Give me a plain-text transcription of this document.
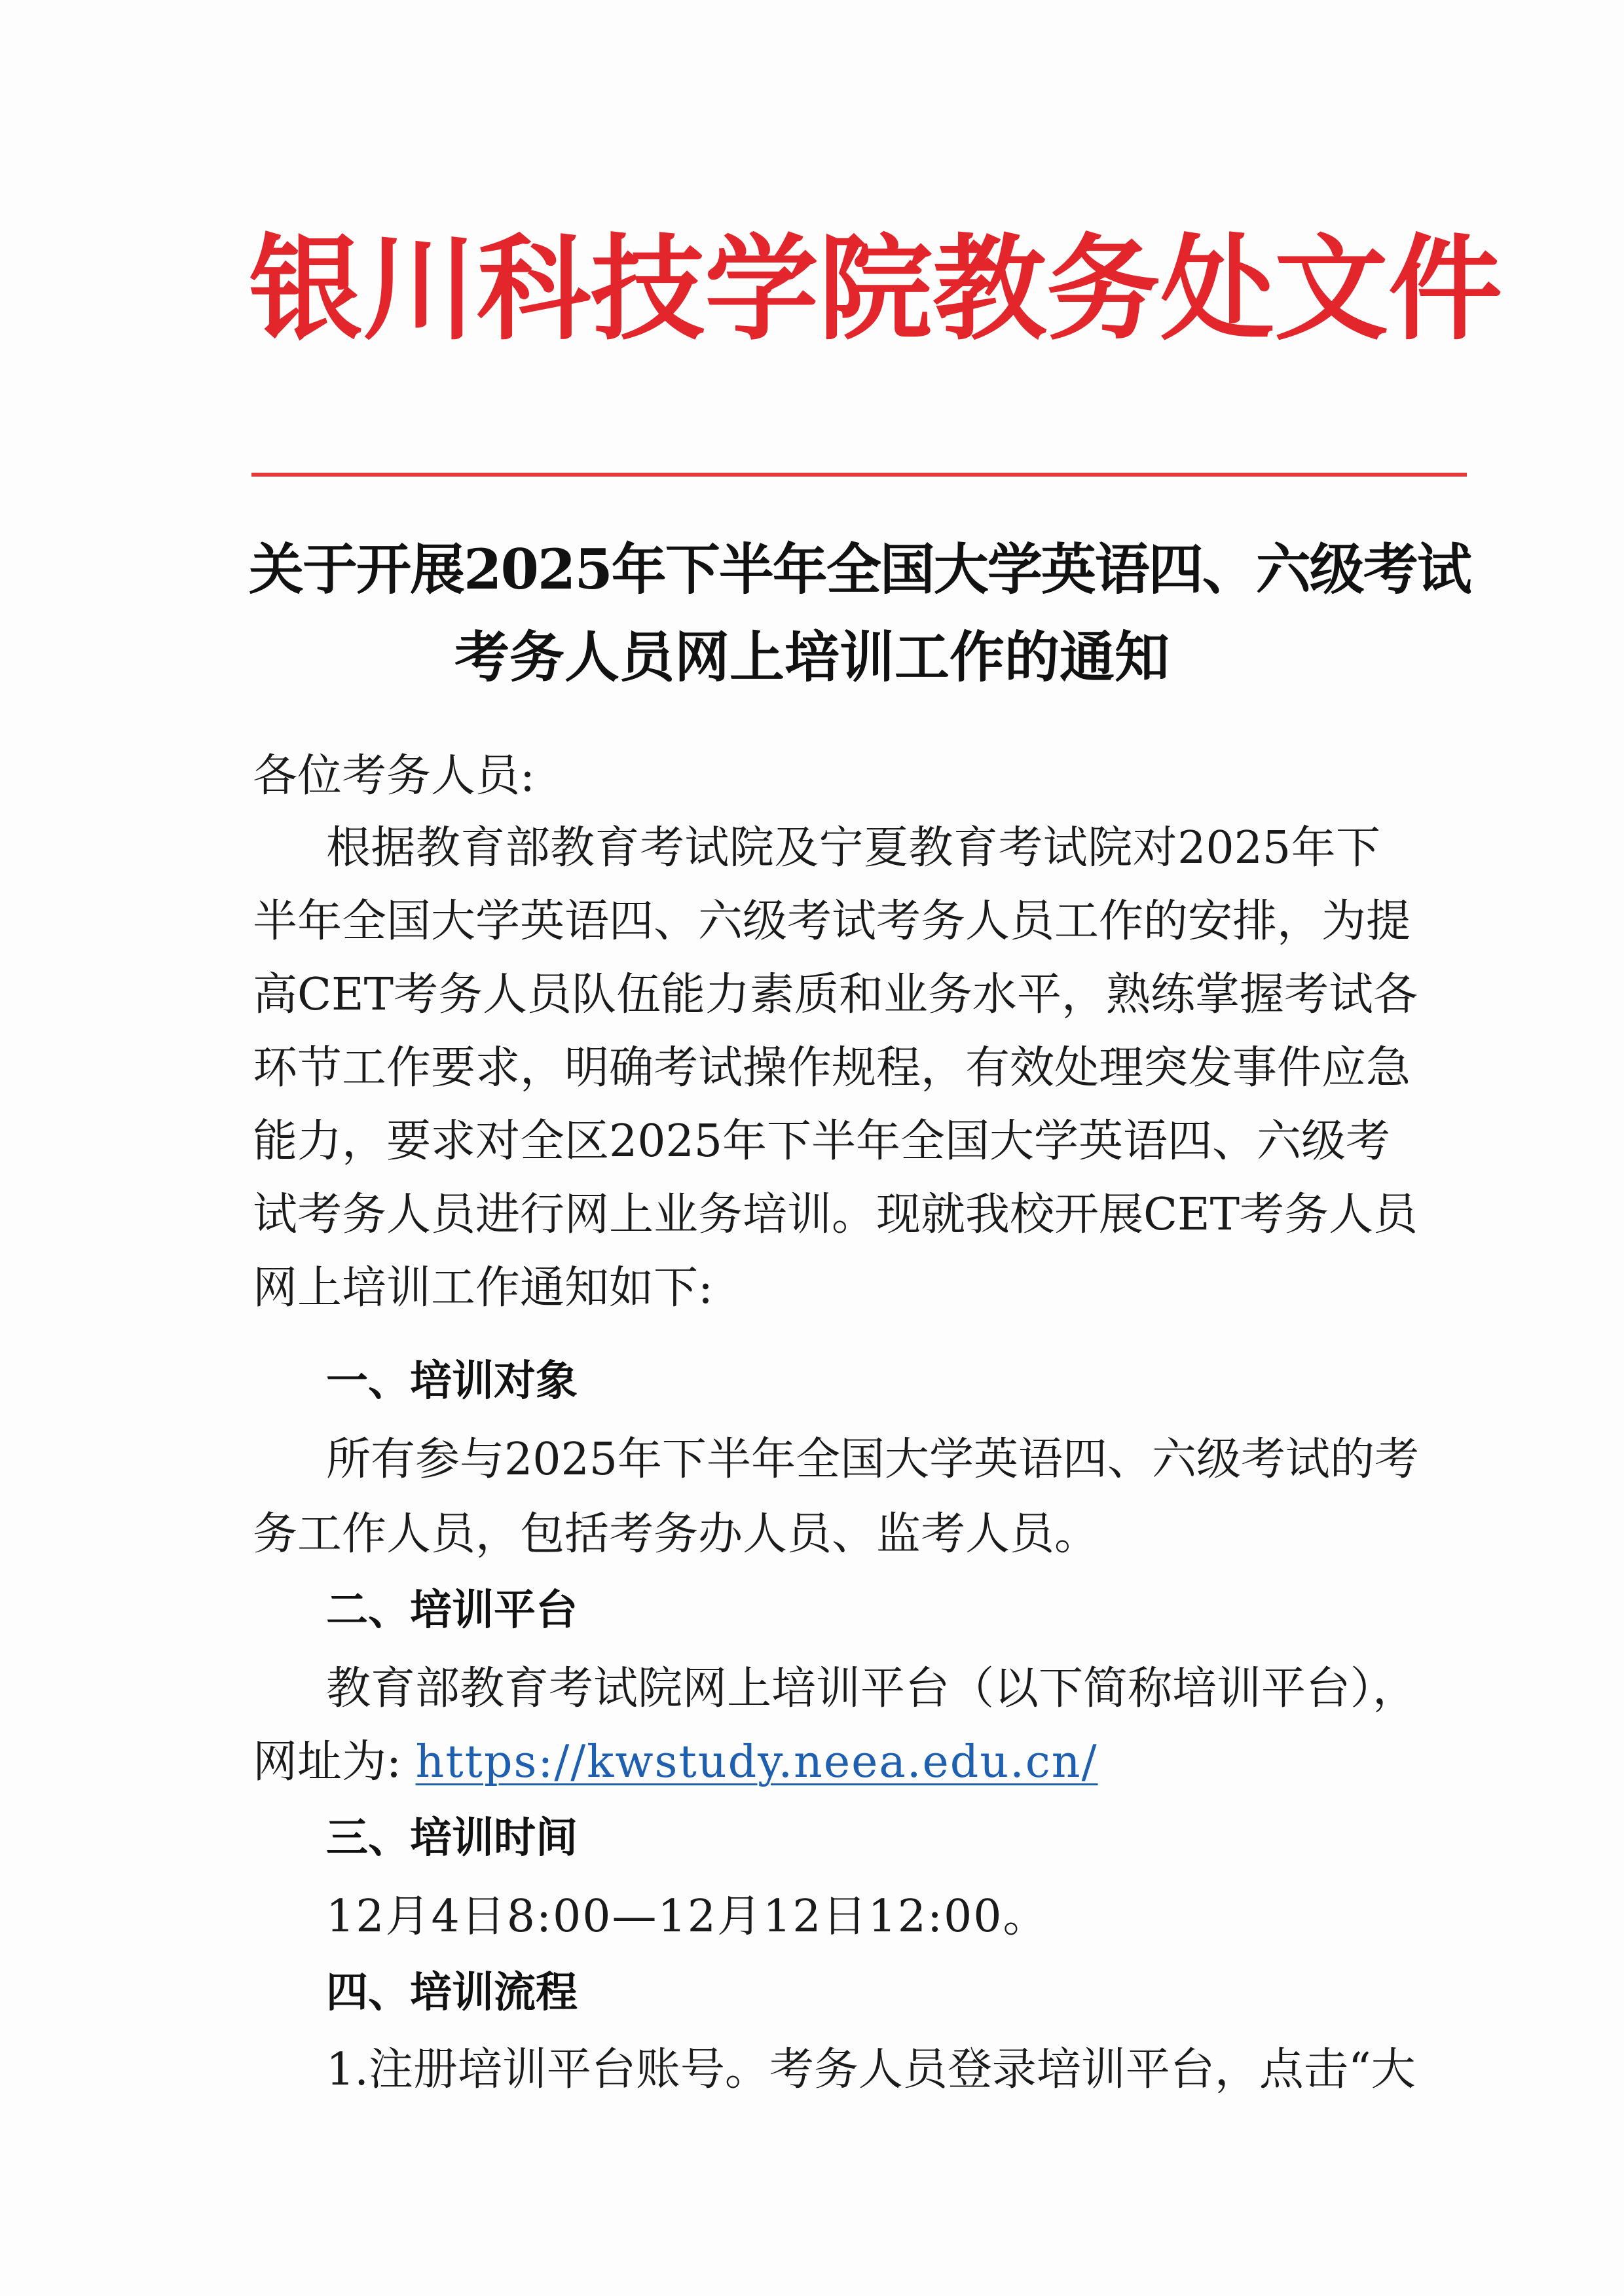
银川科技学院教务处文件
关于开展2025年下半年全国大学英语四、六级考试
考务人员网上培训工作的通知
各位考务人员:
根据教育部教育考试院及宁夏教育考试院对2025年下
半年全国大学英语四、六级考试考务人员工作的安排，为提
高CET考务人员队伍能力素质和业务水平，熟练掌握考试各
环节工作要求，明确考试操作规程，有效处理突发事件应急
能力，要求对全区2025年下半年全国大学英语四、六级考
试考务人员进行网上业务培训。现就我校开展CET考务人员
网上培训工作通知如下:
一、培训对象
所有参与2025年下半年全国大学英语四、六级考试的考
务工作人员，包括考务办人员、监考人员。
二、培训平台
教育部教育考试院网上培训平台（以下简称培训平台），
网址为: https://kwstudy.neea.edu.cn/
三、培训时间
12月4日8:00—12月12日12:00。
四、培训流程
1.注册培训平台账号。考务人员登录培训平台，点击“大
